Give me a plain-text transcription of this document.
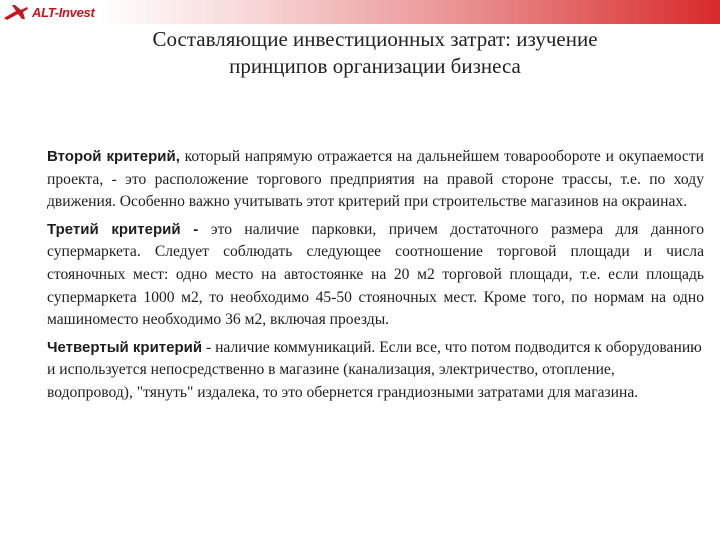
ALT-Invest
Составляющие инвестиционных затрат: изучение
принципов организации бизнеса

Второй критерий, который напрямую отражается на дальнейшем товарообороте и окупаемости проекта, - это расположение торгового предприятия на правой стороне трассы, т.е. по ходу движения. Особенно важно учитывать этот критерий при строительстве магазинов на окраинах.

Третий критерий - это наличие парковки, причем достаточного размера для данного супермаркета. Следует соблюдать следующее соотношение торговой площади и числа стояночных мест: одно место на автостоянке на 20 м2 торговой площади, т.е. если площадь супермаркета 1000 м2, то необходимо 45-50 стояночных мест. Кроме того, по нормам на одно машиноместо необходимо 36 м2, включая проезды.

Четвертый критерий - наличие коммуникаций. Если все, что потом подводится к оборудованию и используется непосредственно в магазине (канализация, электричество, отопление, водопровод), "тянуть" издалека, то это обернется грандиозными затратами для магазина.
